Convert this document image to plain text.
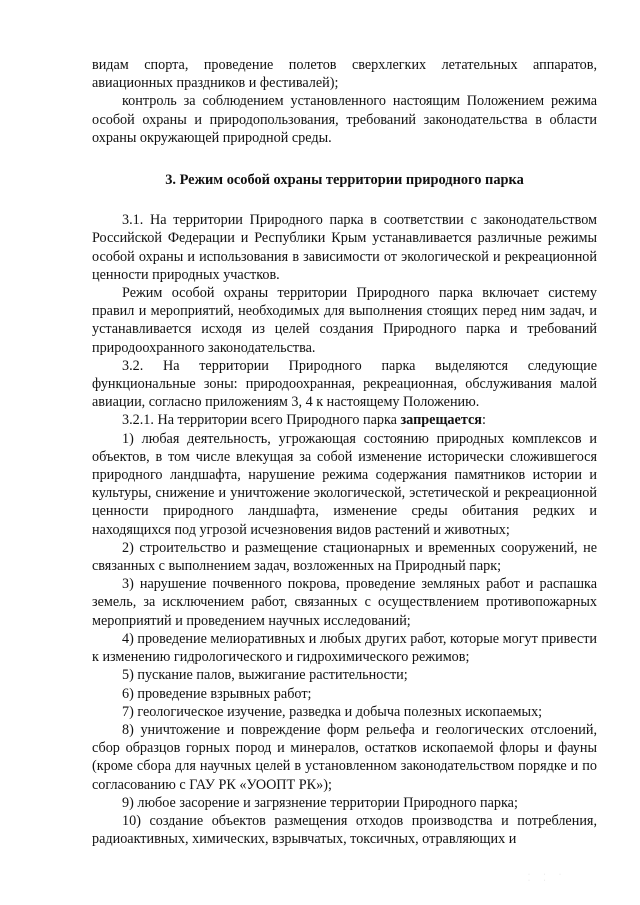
видам спорта, проведение полетов сверхлегких летательных аппаратов, авиационных праздников и фестивалей);

контроль за соблюдением установленного настоящим Положением режима особой охраны и природопользования, требований законодательства в области охраны окружающей природной среды.

3. Режим особой охраны территории природного парка

3.1. На территории Природного парка в соответствии с законодательством Российской Федерации и Республики Крым устанавливается различные режимы особой охраны и использования в зависимости от экологической и рекреационной ценности природных участков.

Режим особой охраны территории Природного парка включает систему правил и мероприятий, необходимых для выполнения стоящих перед ним задач, и устанавливается исходя из целей создания Природного парка и требований природоохранного законодательства.

3.2. На территории Природного парка выделяются следующие функциональные зоны: природоохранная, рекреационная, обслуживания малой авиации, согласно приложениям 3, 4 к настоящему Положению.

3.2.1. На территории всего Природного парка запрещается:

1) любая деятельность, угрожающая состоянию природных комплексов и объектов, в том числе влекущая за собой изменение исторически сложившегося природного ландшафта, нарушение режима содержания памятников истории и культуры, снижение и уничтожение экологической, эстетической и рекреационной ценности природного ландшафта, изменение среды обитания редких и находящихся под угрозой исчезновения видов растений и животных;

2) строительство и размещение стационарных и временных сооружений, не связанных с выполнением задач, возложенных на Природный парк;

3) нарушение почвенного покрова, проведение земляных работ и распашка земель, за исключением работ, связанных с осуществлением противопожарных мероприятий и проведением научных исследований;

4) проведение мелиоративных и любых других работ, которые могут привести к изменению гидрологического и гидрохимического режимов;

5) пускание палов, выжигание растительности;

6) проведение взрывных работ;

7) геологическое изучение, разведка и добыча полезных ископаемых;

8) уничтожение и повреждение форм рельефа и геологических отслоений, сбор образцов горных пород и минералов, остатков ископаемой флоры и фауны (кроме сбора для научных целей в установленном законодательством порядке и по согласованию с ГАУ РК «УООПТ РК»);

9) любое засорение и загрязнение территории Природного парка;

10) создание объектов размещения отходов производства и потребления, радиоактивных, химических, взрывчатых, токсичных, отравляющих и

· · · · ·
